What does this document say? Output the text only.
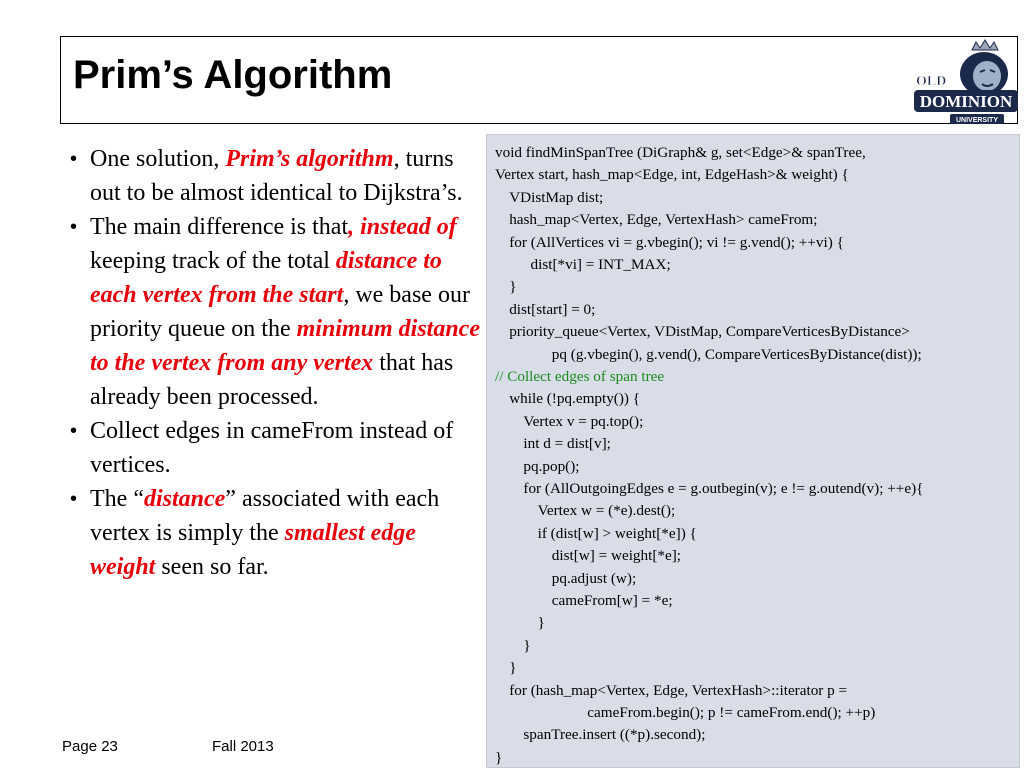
Prim’s Algorithm	OLD
DOMINION
UNIVERSITY
• One solution, Prim’s algorithm, turns out to be almost identical to Dijkstra’s.
• The main difference is that, instead of keeping track of the total distance to each vertex from the start, we base our priority queue on the minimum distance to the vertex from any vertex that has already been processed.
• Collect edges in cameFrom instead of vertices.
• The “distance” associated with each vertex is simply the smallest edge weight seen so far.
void findMinSpanTree (DiGraph& g, set<Edge>& spanTree,
Vertex start, hash_map<Edge, int, EdgeHash>& weight) {
VDistMap dist;
hash_map<Vertex, Edge, VertexHash> cameFrom;
for (AllVertices vi = g.vbegin(); vi != g.vend(); ++vi) {
dist[*vi] = INT_MAX;
}
dist[start] = 0;
priority_queue<Vertex, VDistMap, CompareVerticesByDistance>
pq (g.vbegin(), g.vend(), CompareVerticesByDistance(dist));
// Collect edges of span tree
while (!pq.empty()) {
Vertex v = pq.top();
int d = dist[v];
pq.pop();
for (AllOutgoingEdges e = g.outbegin(v); e != g.outend(v); ++e){
Vertex w = (*e).dest();
if (dist[w] > weight[*e]) {
dist[w] = weight[*e];
pq.adjust (w);
cameFrom[w] = *e;
}
}
}
for (hash_map<Vertex, Edge, VertexHash>::iterator p =
cameFrom.begin(); p != cameFrom.end(); ++p)
spanTree.insert ((*p).second);
}
Page 23	Fall 2013
